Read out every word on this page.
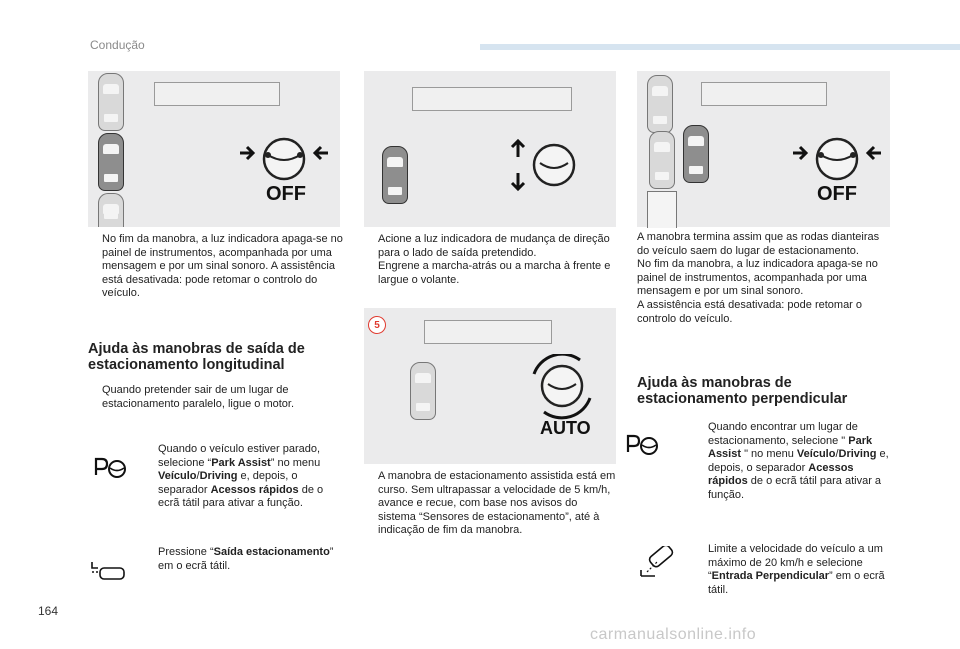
Condução
OFF
AUTO
5
OFF
No fim da manobra, a luz indicadora apaga-se no painel de instrumentos, acompanhada por uma mensagem e por um sinal sonoro. A assistência está desativada: pode retomar o controlo do veículo.
Ajuda às manobras de saída de
estacionamento longitudinal
Quando pretender sair de um lugar de estacionamento paralelo, ligue o motor.
Quando o veículo estiver parado, selecione “Park Assist” no menu Veículo/Driving e, depois, o separador Acessos rápidos de o ecrã tátil para ativar a função.
Pressione “Saída estacionamento” em o ecrã tátil.
Acione a luz indicadora de mudança de direção para o lado de saída pretendido.
Engrene a marcha-atrás ou a marcha à frente e largue o volante.
A manobra de estacionamento assistida está em curso. Sem ultrapassar a velocidade de 5 km/h, avance e recue, com base nos avisos do sistema “Sensores de estacionamento”, até à indicação de fim da manobra.
A manobra termina assim que as rodas dianteiras do veículo saem do lugar de estacionamento.
No fim da manobra, a luz indicadora apaga-se no painel de instrumentos, acompanhada por uma mensagem e por um sinal sonoro.
A assistência está desativada: pode retomar o controlo do veículo.
Ajuda às manobras de
estacionamento perpendicular
Quando encontrar um lugar de estacionamento, selecione " Park Assist " no menu Veículo/Driving e, depois, o separador Acessos rápidos de o ecrã tátil para ativar a função.
Limite a velocidade do veículo a um máximo de 20 km/h e selecione “Entrada Perpendicular” em o ecrã tátil.
164
carmanualsonline.info
